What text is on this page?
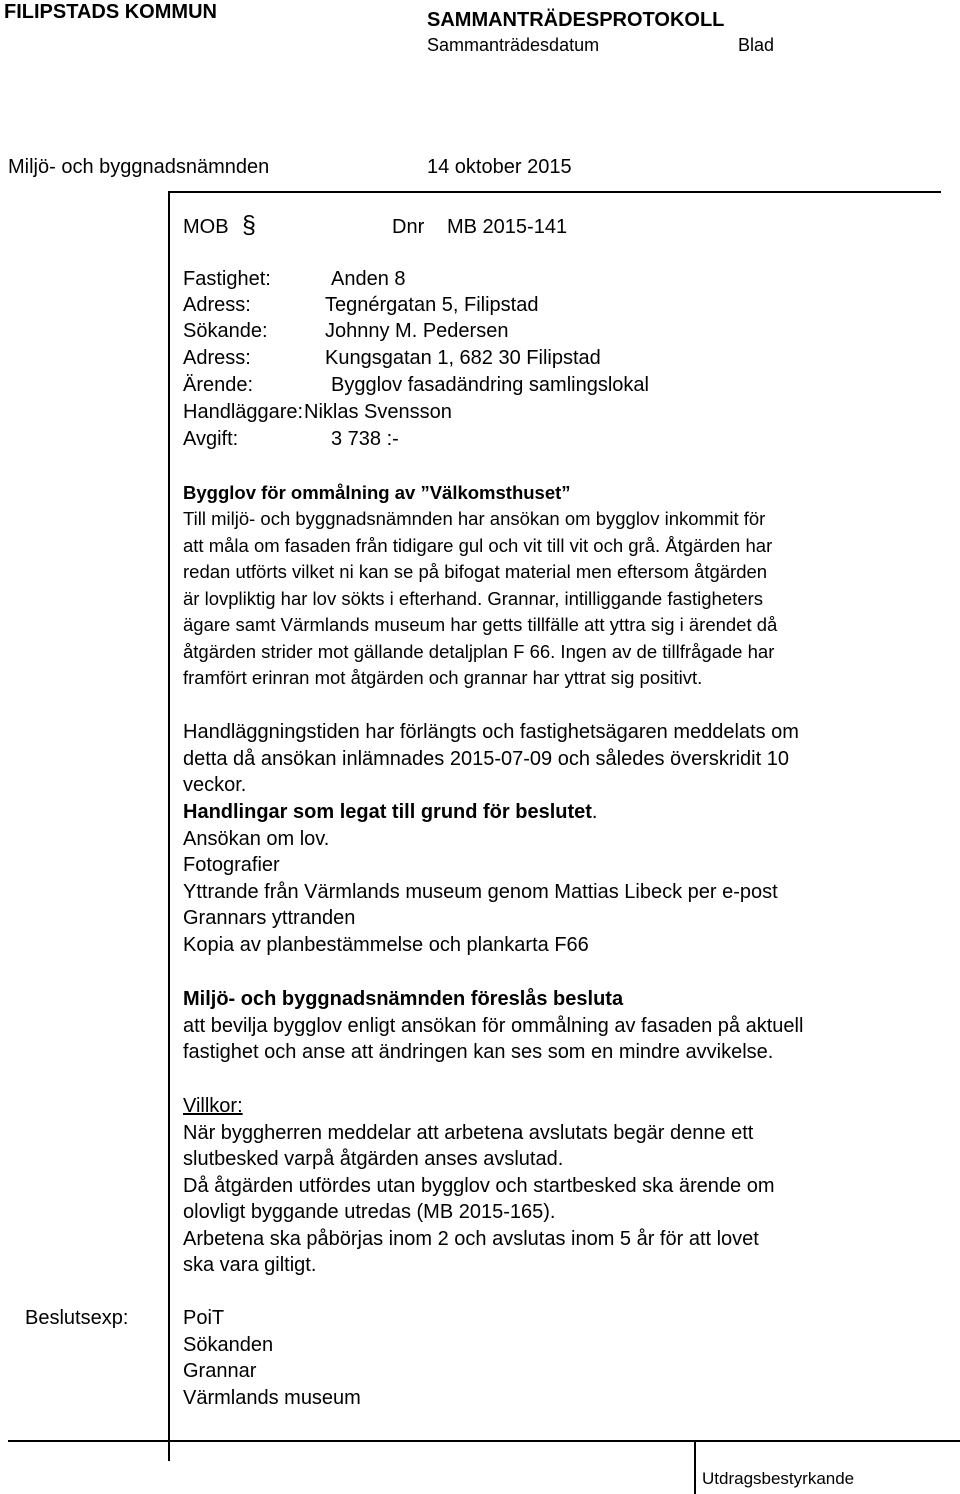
FILIPSTADS KOMMUN	SAMMANTRÄDESPROTOKOLL
Sammanträdesdatum	Blad
Miljö- och byggnadsnämnden	14 oktober 2015
MOB §	Dnr MB 2015-141
Fastighet:	Anden 8
Adress:	Tegnérgatan 5, Filipstad
Sökande:	Johnny M. Pedersen
Adress:	Kungsgatan 1, 682 30 Filipstad
Ärende:	Bygglov fasadändring samlingslokal
Handläggare: Niklas Svensson
Avgift:	3 738 :-
Bygglov för ommålning av ”Välkomsthuset”
Till miljö- och byggnadsnämnden har ansökan om bygglov inkommit för
att måla om fasaden från tidigare gul och vit till vit och grå. Åtgärden har
redan utförts vilket ni kan se på bifogat material men eftersom åtgärden
är lovpliktig har lov sökts i efterhand. Grannar, intilliggande fastigheters
ägare samt Värmlands museum har getts tillfälle att yttra sig i ärendet då
åtgärden strider mot gällande detaljplan F 66. Ingen av de tillfrågade har
framfört erinran mot åtgärden och grannar har yttrat sig positivt.
Handläggningstiden har förlängts och fastighetsägaren meddelats om
detta då ansökan inlämnades 2015-07-09 och således överskridit 10
veckor.
Handlingar som legat till grund för beslutet.
Ansökan om lov.
Fotografier
Yttrande från Värmlands museum genom Mattias Libeck per e-post
Grannars yttranden
Kopia av planbestämmelse och plankarta F66
Miljö- och byggnadsnämnden föreslås besluta
att bevilja bygglov enligt ansökan för ommålning av fasaden på aktuell
fastighet och anse att ändringen kan ses som en mindre avvikelse.
Villkor:
När byggherren meddelar att arbetena avslutats begär denne ett
slutbesked varpå åtgärden anses avslutad.
Då åtgärden utfördes utan bygglov och startbesked ska ärende om
olovligt byggande utredas (MB 2015-165).
Arbetena ska påbörjas inom 2 och avslutas inom 5 år för att lovet
ska vara giltigt.
Beslutsexp:	PoiT
Sökanden
Grannar
Värmlands museum
Utdragsbestyrkande
